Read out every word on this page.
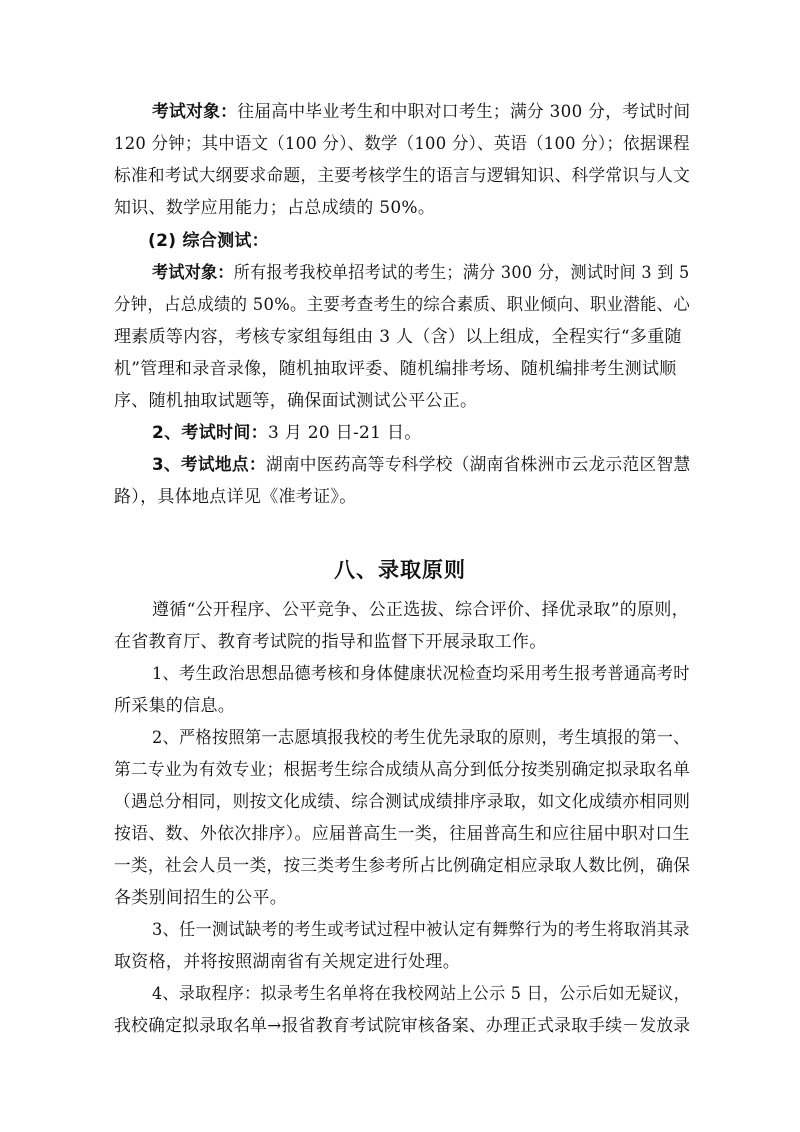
考试对象：往届高中毕业考生和中职对口考生；满分 300 分，考试时间
120 分钟；其中语文（100 分）、数学（100 分）、英语（100 分）；依据课程
标准和考试大纲要求命题，主要考核学生的语言与逻辑知识、科学常识与人文
知识、数学应用能力；占总成绩的 50%。
(2) 综合测试：
考试对象：所有报考我校单招考试的考生；满分 300 分，测试时间 3 到 5
分钟，占总成绩的 50%。主要考查考生的综合素质、职业倾向、职业潜能、心
理素质等内容，考核专家组每组由 3 人（含）以上组成，全程实行“多重随
机”管理和录音录像，随机抽取评委、随机编排考场、随机编排考生测试顺
序、随机抽取试题等，确保面试测试公平公正。
2、考试时间：3 月 20 日-21 日。
3、考试地点：湖南中医药高等专科学校（湖南省株洲市云龙示范区智慧
路），具体地点详见《准考证》。
八、录取原则
遵循“公开程序、公平竞争、公正选拔、综合评价、择优录取”的原则，
在省教育厅、教育考试院的指导和监督下开展录取工作。
1、考生政治思想品德考核和身体健康状况检查均采用考生报考普通高考时
所采集的信息。
2、严格按照第一志愿填报我校的考生优先录取的原则，考生填报的第一、
第二专业为有效专业；根据考生综合成绩从高分到低分按类别确定拟录取名单
（遇总分相同，则按文化成绩、综合测试成绩排序录取，如文化成绩亦相同则
按语、数、外依次排序）。应届普高生一类，往届普高生和应往届中职对口生
一类，社会人员一类，按三类考生参考所占比例确定相应录取人数比例，确保
各类别间招生的公平。
3、任一测试缺考的考生或考试过程中被认定有舞弊行为的考生将取消其录
取资格，并将按照湖南省有关规定进行处理。
4、录取程序：拟录考生名单将在我校网站上公示 5 日，公示后如无疑议，
我校确定拟录取名单→报省教育考试院审核备案、办理正式录取手续－发放录
